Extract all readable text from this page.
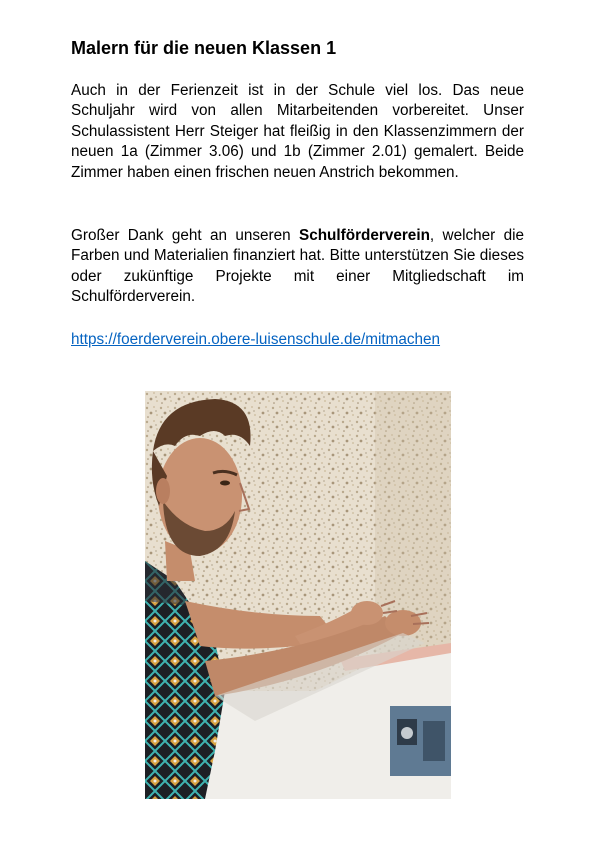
Malern für die neuen Klassen 1

Auch in der Ferienzeit ist in der Schule viel los. Das neue Schuljahr wird von allen Mitarbeitenden vorbereitet. Unser Schulassistent Herr Steiger hat fleißig in den Klassenzimmern der neuen 1a (Zimmer 3.06) und 1b (Zimmer 2.01) gemalert. Beide Zimmer haben einen frischen neuen Anstrich bekommen.

Großer Dank geht an unseren Schulförderverein, welcher die Farben und Materialien finanziert hat. Bitte unterstützen Sie dieses oder zukünftige Projekte mit einer Mitgliedschaft im Schulförderverein.

https://foerderverein.obere-luisenschule.de/mitmachen
